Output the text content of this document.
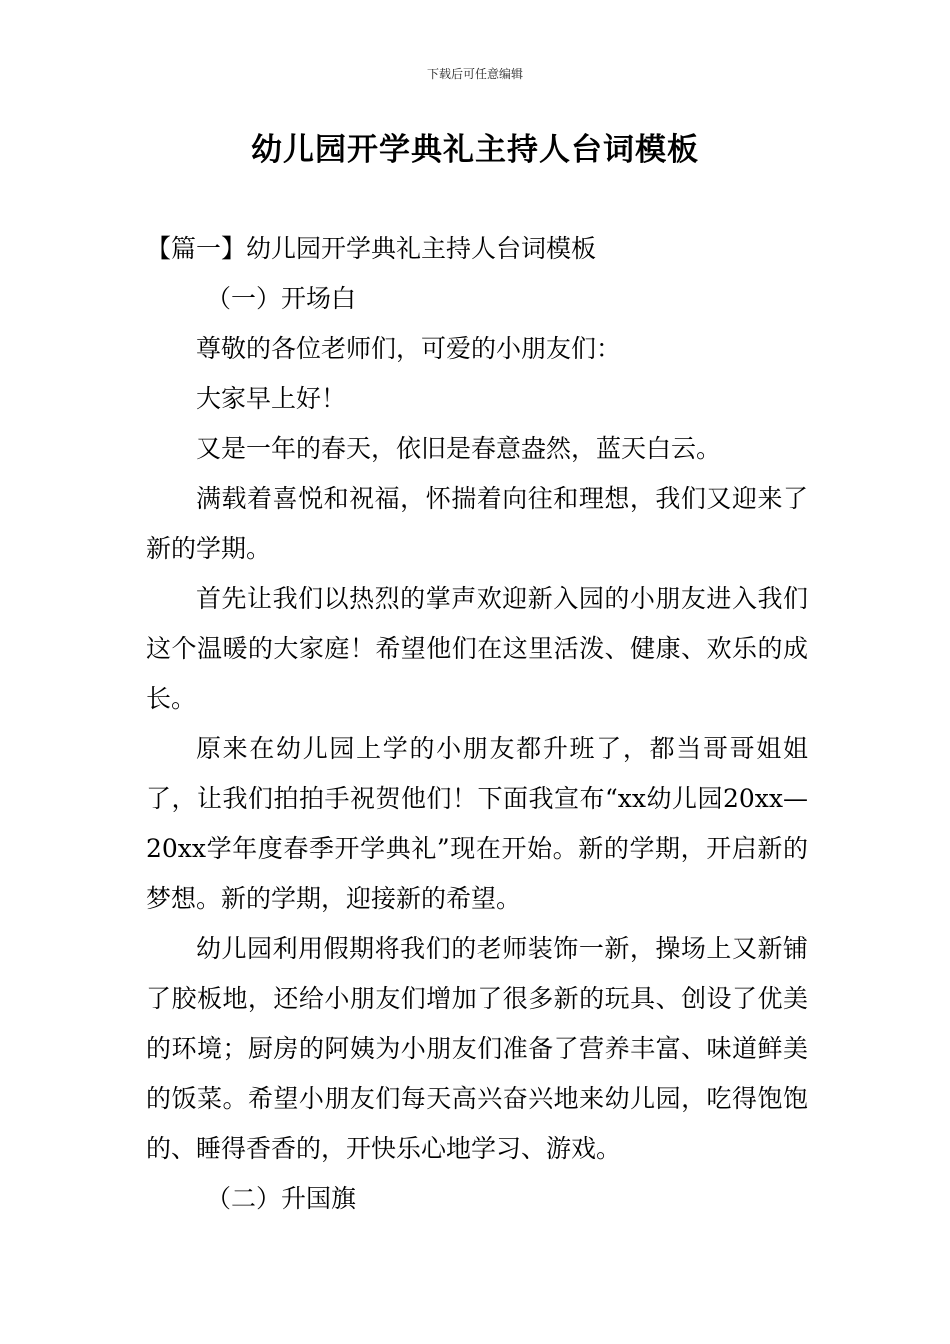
下载后可任意编辑
幼儿园开学典礼主持人台词模板

【篇一】幼儿园开学典礼主持人台词模板

（一）开场白

尊敬的各位老师们，可爱的小朋友们：

大家早上好！

又是一年的春天，依旧是春意盎然，蓝天白云。

满载着喜悦和祝福，怀揣着向往和理想，我们又迎来了新的学期。

首先让我们以热烈的掌声欢迎新入园的小朋友进入我们这个温暖的大家庭！希望他们在这里活泼、健康、欢乐的成长。

原来在幼儿园上学的小朋友都升班了，都当哥哥姐姐了，让我们拍拍手祝贺他们！下面我宣布“xx幼儿园20xx—20xx学年度春季开学典礼”现在开始。新的学期，开启新的梦想。新的学期，迎接新的希望。

幼儿园利用假期将我们的老师装饰一新，操场上又新铺了胶板地，还给小朋友们增加了很多新的玩具、创设了优美的环境；厨房的阿姨为小朋友们准备了营养丰富、味道鲜美的饭菜。希望小朋友们每天高兴奋兴地来幼儿园，吃得饱饱的、睡得香香的，开快乐心地学习、游戏。

（二）升国旗
